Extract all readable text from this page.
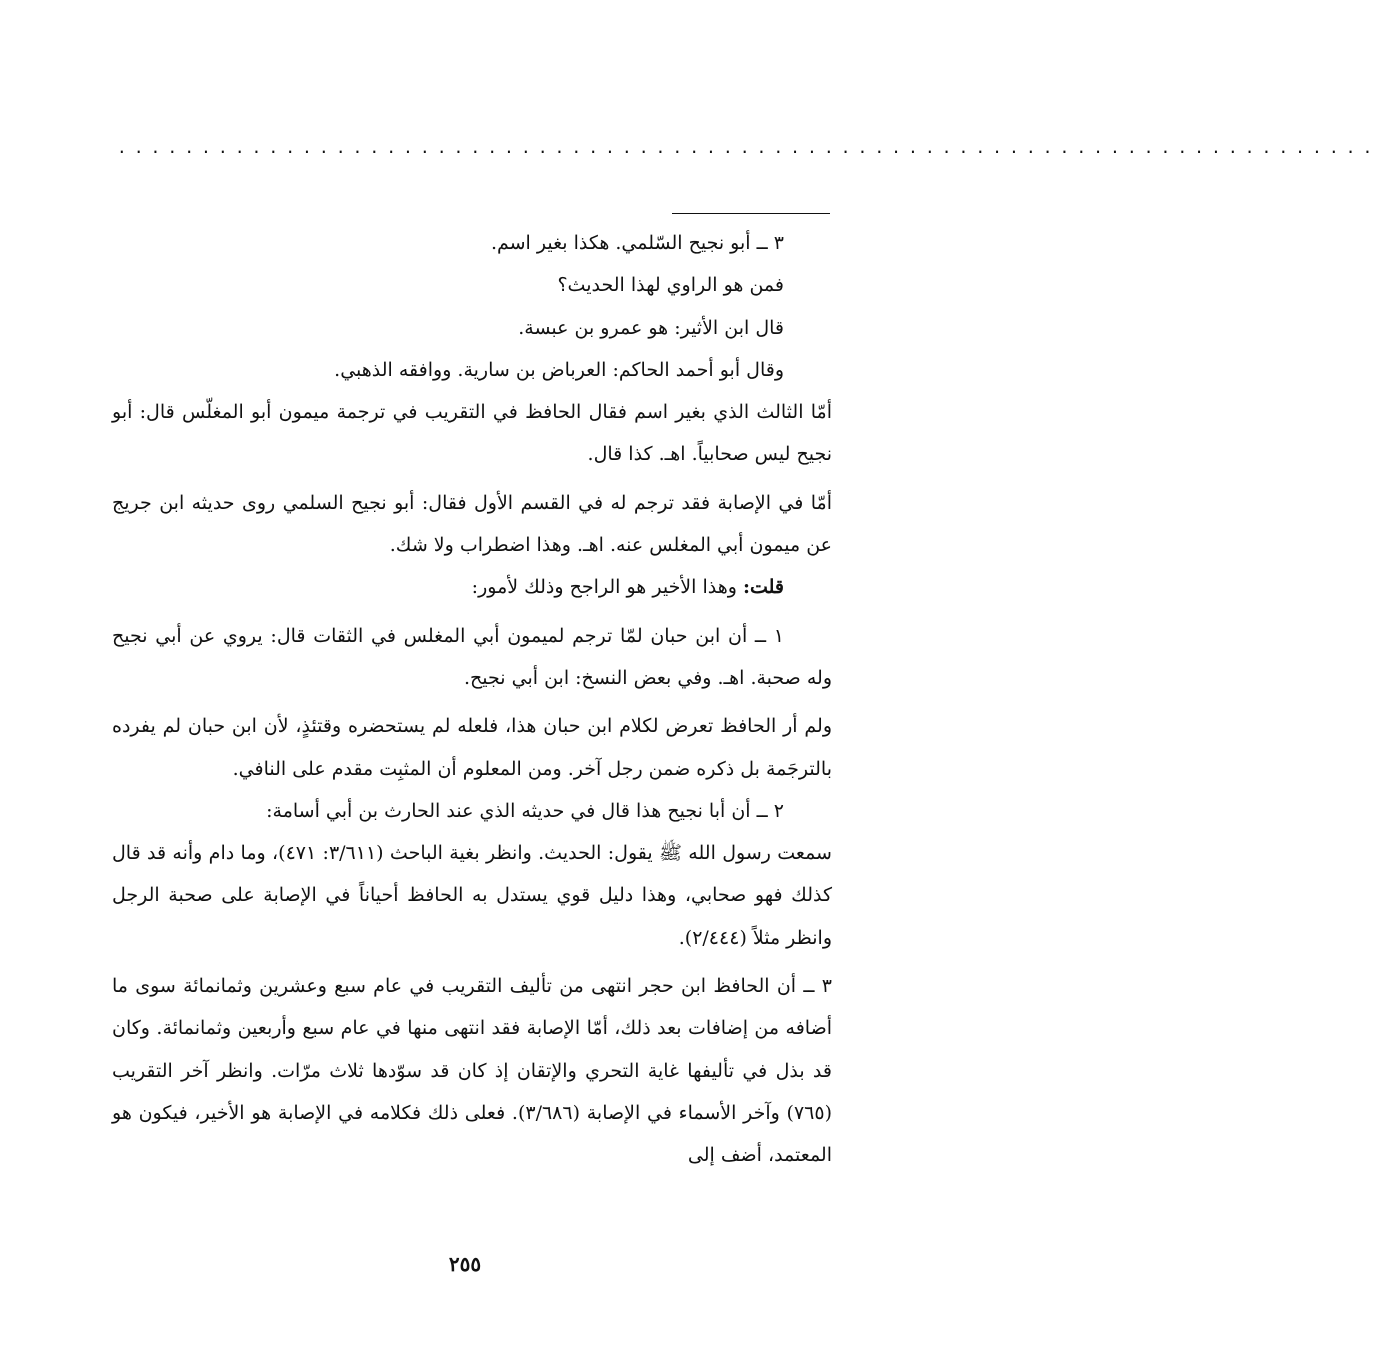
...........................................................................

٣ ــ أبو نجيح السّلمي. هكذا بغير اسم.

فمن هو الراوي لهذا الحديث؟

قال ابن الأثير: هو عمرو بن عبسة.

وقال أبو أحمد الحاكم: العرباض بن سارية. ووافقه الذهبي.

أمّا الثالث الذي بغير اسم فقال الحافظ في التقريب في ترجمة ميمون أبو المغلّس قال: أبو نجيح ليس صحابياً. اهـ. كذا قال.

أمّا في الإصابة فقد ترجم له في القسم الأول فقال: أبو نجيح السلمي روى حديثه ابن جريج عن ميمون أبي المغلس عنه. اهـ. وهذا اضطراب ولا شك.

قلت: وهذا الأخير هو الراجح وذلك لأمور:

١ ــ أن ابن حبان لمّا ترجم لميمون أبي المغلس في الثقات قال: يروي عن أبي نجيح وله صحبة. اهـ. وفي بعض النسخ: ابن أبي نجيح.

ولم أر الحافظ تعرض لكلام ابن حبان هذا، فلعله لم يستحضره وقتئذٍ، لأن ابن حبان لم يفرده بالترجَمة بل ذكره ضمن رجل آخر. ومن المعلوم أن المثبِت مقدم على النافي.

٢ ــ أن أبا نجيح هذا قال في حديثه الذي عند الحارث بن أبي أسامة:

سمعت رسول الله ﷺ يقول: الحديث. وانظر بغية الباحث (٣/٦١١: ٤٧١)، وما دام وأنه قد قال كذلك فهو صحابي، وهذا دليل قوي يستدل به الحافظ أحياناً في الإصابة على صحبة الرجل وانظر مثلاً (٢/٤٤٤).

٣ ــ أن الحافظ ابن حجر انتهى من تأليف التقريب في عام سبع وعشرين وثمانمائة سوى ما أضافه من إضافات بعد ذلك، أمّا الإصابة فقد انتهى منها في عام سبع وأربعين وثمانمائة. وكان قد بذل في تأليفها غاية التحري والإتقان إذ كان قد سوّدها ثلاث مرّات. وانظر آخر التقريب (٧٦٥) وآخر الأسماء في الإصابة (٣/٦٨٦). فعلى ذلك فكلامه في الإصابة هو الأخير، فيكون هو المعتمد، أضف إلى

٢٥٥
